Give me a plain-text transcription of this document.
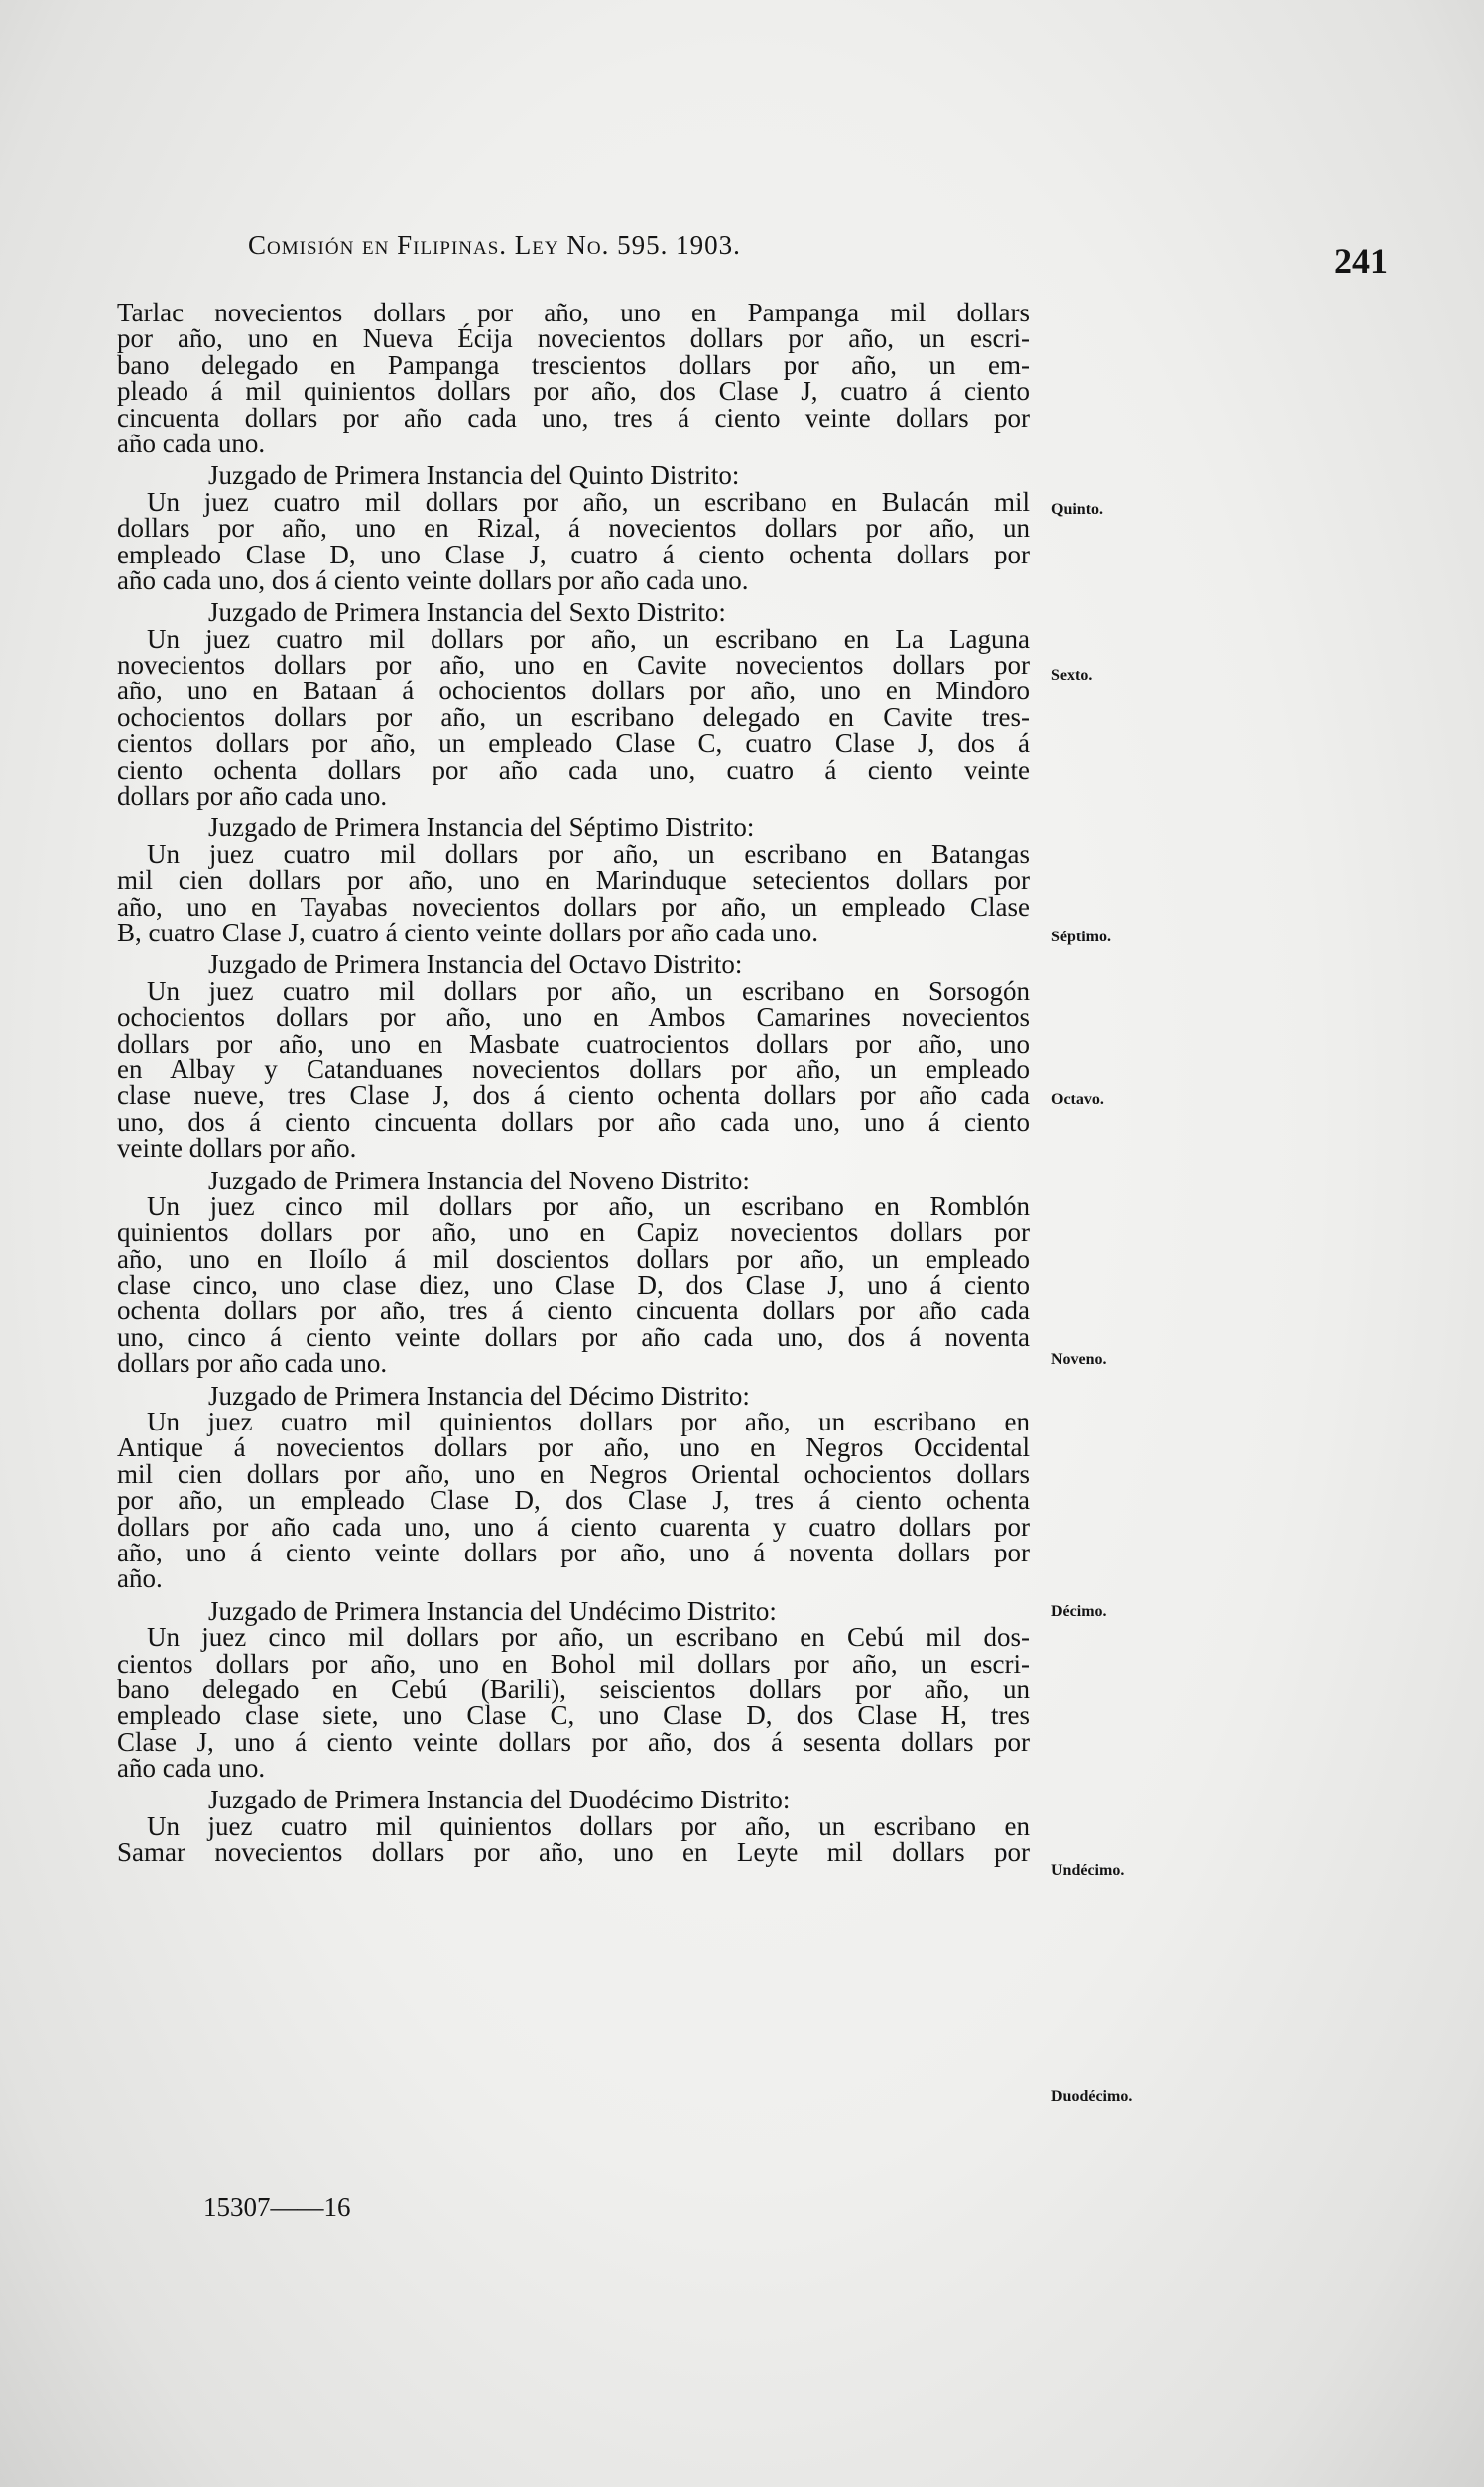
Comisión en Filipinas. Ley No. 595. 1903.	241
Tarlac novecientos dollars por año, uno en Pampanga mil dollars
por año, uno en Nueva Écija novecientos dollars por año, un escri-
bano delegado en Pampanga trescientos dollars por año, un em-
pleado á mil quinientos dollars por año, dos Clase J, cuatro á ciento
cincuenta dollars por año cada uno, tres á ciento veinte dollars por
año cada uno.
Juzgado de Primera Instancia del Quinto Distrito:
Un juez cuatro mil dollars por año, un escribano en Bulacán mil
dollars por año, uno en Rizal, á novecientos dollars por año, un
empleado Clase D, uno Clase J, cuatro á ciento ochenta dollars por
año cada uno, dos á ciento veinte dollars por año cada uno.
Juzgado de Primera Instancia del Sexto Distrito:
Un juez cuatro mil dollars por año, un escribano en La Laguna
novecientos dollars por año, uno en Cavite novecientos dollars por
año, uno en Bataan á ochocientos dollars por año, uno en Mindoro
ochocientos dollars por año, un escribano delegado en Cavite tres-
cientos dollars por año, un empleado Clase C, cuatro Clase J, dos á
ciento ochenta dollars por año cada uno, cuatro á ciento veinte
dollars por año cada uno.
Juzgado de Primera Instancia del Séptimo Distrito:
Un juez cuatro mil dollars por año, un escribano en Batangas
mil cien dollars por año, uno en Marinduque setecientos dollars por
año, uno en Tayabas novecientos dollars por año, un empleado Clase
B, cuatro Clase J, cuatro á ciento veinte dollars por año cada uno.
Juzgado de Primera Instancia del Octavo Distrito:
Un juez cuatro mil dollars por año, un escribano en Sorsogón
ochocientos dollars por año, uno en Ambos Camarines novecientos
dollars por año, uno en Masbate cuatrocientos dollars por año, uno
en Albay y Catanduanes novecientos dollars por año, un empleado
clase nueve, tres Clase J, dos á ciento ochenta dollars por año cada
uno, dos á ciento cincuenta dollars por año cada uno, uno á ciento
veinte dollars por año.
Juzgado de Primera Instancia del Noveno Distrito:
Un juez cinco mil dollars por año, un escribano en Romblón
quinientos dollars por año, uno en Capiz novecientos dollars por
año, uno en Iloílo á mil doscientos dollars por año, un empleado
clase cinco, uno clase diez, uno Clase D, dos Clase J, uno á ciento
ochenta dollars por año, tres á ciento cincuenta dollars por año cada
uno, cinco á ciento veinte dollars por año cada uno, dos á noventa
dollars por año cada uno.
Juzgado de Primera Instancia del Décimo Distrito:
Un juez cuatro mil quinientos dollars por año, un escribano en
Antique á novecientos dollars por año, uno en Negros Occidental
mil cien dollars por año, uno en Negros Oriental ochocientos dollars
por año, un empleado Clase D, dos Clase J, tres á ciento ochenta
dollars por año cada uno, uno á ciento cuarenta y cuatro dollars por
año, uno á ciento veinte dollars por año, uno á noventa dollars por
año.
Juzgado de Primera Instancia del Undécimo Distrito:
Un juez cinco mil dollars por año, un escribano en Cebú mil dos-
cientos dollars por año, uno en Bohol mil dollars por año, un escri-
bano delegado en Cebú (Barili), seiscientos dollars por año, un
empleado clase siete, uno Clase C, uno Clase D, dos Clase H, tres
Clase J, uno á ciento veinte dollars por año, dos á sesenta dollars por
año cada uno.
Juzgado de Primera Instancia del Duodécimo Distrito:
Un juez cuatro mil quinientos dollars por año, un escribano en
Samar novecientos dollars por año, uno en Leyte mil dollars por
Quinto.
Sexto.
Séptimo.
Octavo.
Noveno.
Décimo.
Undécimo.
Duodécimo.
15307——16
